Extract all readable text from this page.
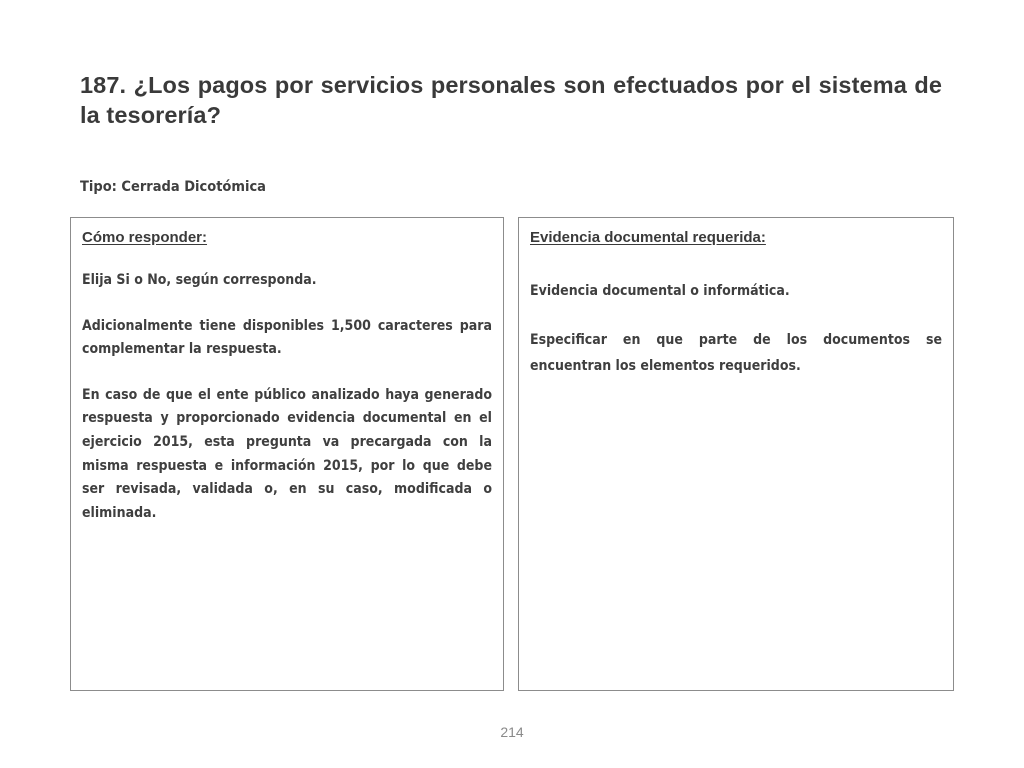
187. ¿Los pagos por servicios personales son efectuados por el sistema de la tesorería?

Tipo: Cerrada Dicotómica

Cómo responder:

Elija Si o No, según corresponda.

Adicionalmente tiene disponibles 1,500 caracteres para complementar la respuesta.

En caso de que el ente público analizado haya generado respuesta y proporcionado evidencia documental en el ejercicio 2015, esta pregunta va precargada con la misma respuesta e información 2015, por lo que debe ser revisada, validada o, en su caso, modificada o eliminada.

Evidencia documental requerida:

Evidencia documental o informática.

Especificar en que parte de los documentos se encuentran los elementos requeridos.

214
